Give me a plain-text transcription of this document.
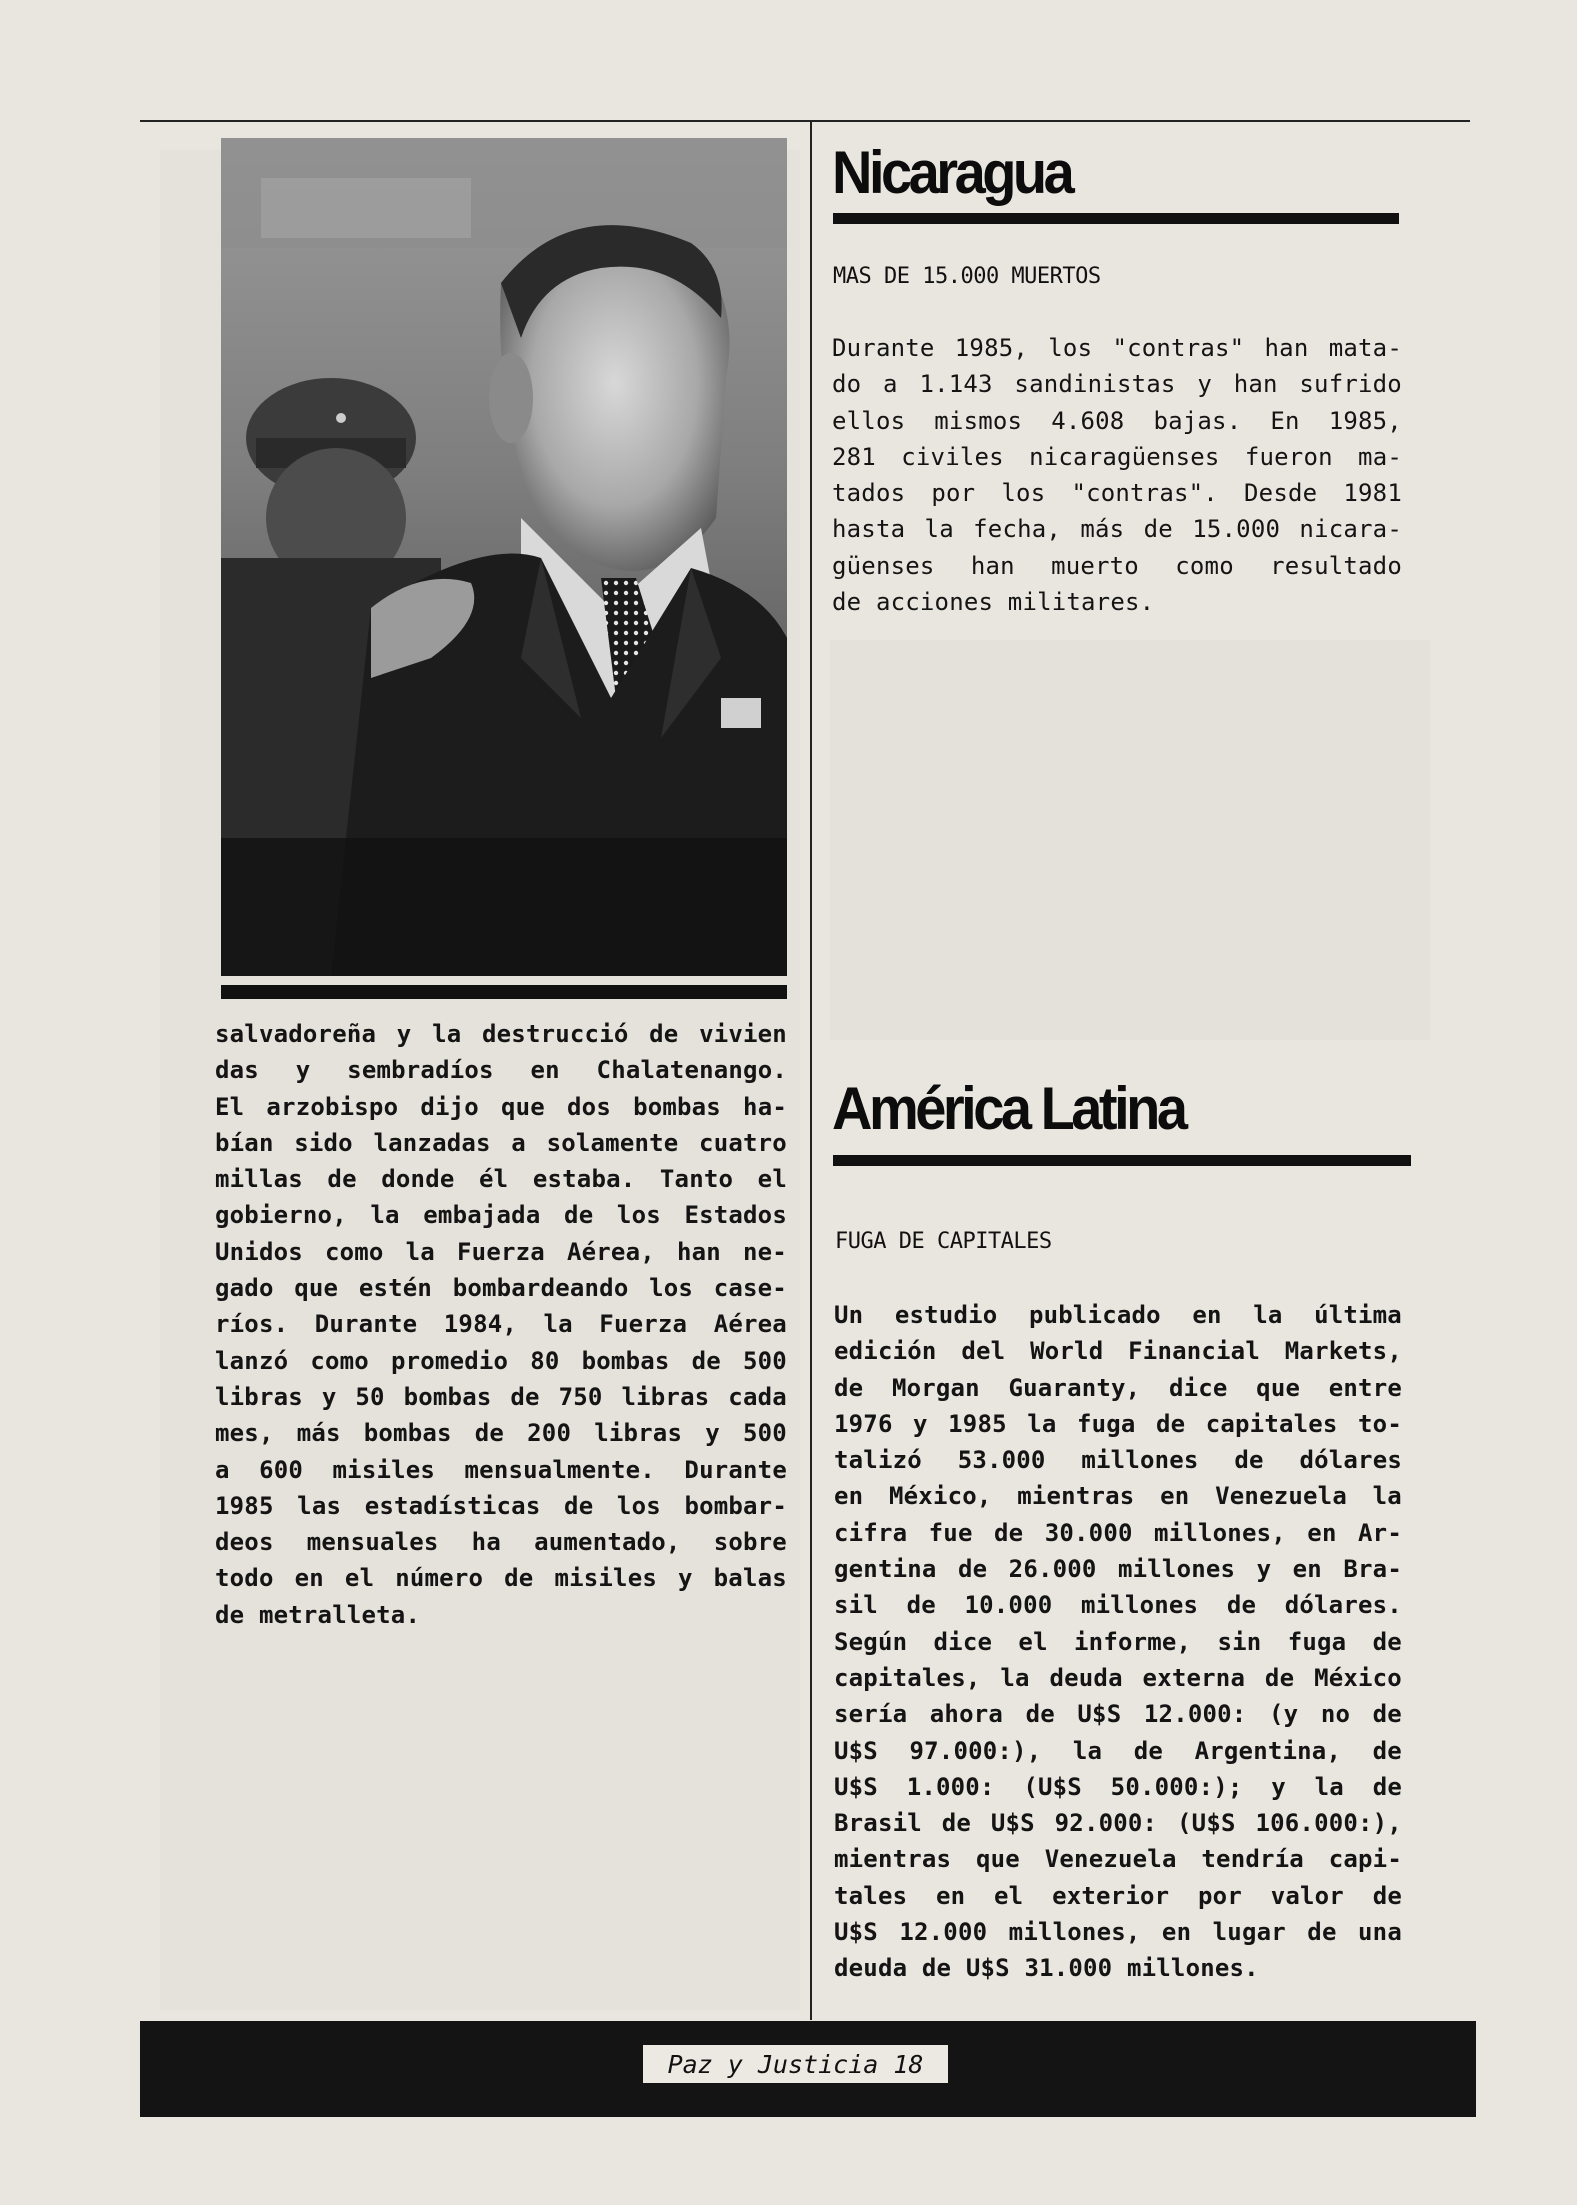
salvadoreña y la destrucció de vivien
das y sembradíos en Chalatenango.
El arzobispo dijo que dos bombas ha-
bían sido lanzadas a solamente cuatro
millas de donde él estaba. Tanto el
gobierno, la embajada de los Estados
Unidos como la Fuerza Aérea, han ne-
gado que estén bombardeando los case-
ríos. Durante 1984, la Fuerza Aérea
lanzó como promedio 80 bombas de 500
libras y 50 bombas de 750 libras cada
mes, más bombas de 200 libras y 500
a 600 misiles mensualmente. Durante
1985 las estadísticas de los bombar-
deos mensuales ha aumentado, sobre
todo en el número de misiles y balas
de metralleta.
Nicaragua
MAS DE 15.000 MUERTOS
Durante 1985, los "contras" han mata-
do a 1.143 sandinistas y han sufrido
ellos mismos 4.608 bajas. En 1985,
281 civiles nicaragüenses fueron ma-
tados por los "contras". Desde 1981
hasta la fecha, más de 15.000 nicara-
güenses han muerto como resultado
de acciones militares.
América Latina
FUGA DE CAPITALES
Un estudio publicado en la última
edición del World Financial Markets,
de Morgan Guaranty, dice que entre
1976 y 1985 la fuga de capitales to-
talizó 53.000 millones de dólares
en México, mientras en Venezuela la
cifra fue de 30.000 millones, en Ar-
gentina de 26.000 millones y en Bra-
sil de 10.000 millones de dólares.
Según dice el informe, sin fuga de
capitales, la deuda externa de México
sería ahora de U$S 12.000: (y no de
U$S 97.000:), la de Argentina, de
U$S 1.000: (U$S 50.000:); y la de
Brasil de U$S 92.000: (U$S 106.000:),
mientras que Venezuela tendría capi-
tales en el exterior por valor de
U$S 12.000 millones, en lugar de una
deuda de U$S 31.000 millones.
Paz y Justicia 18
